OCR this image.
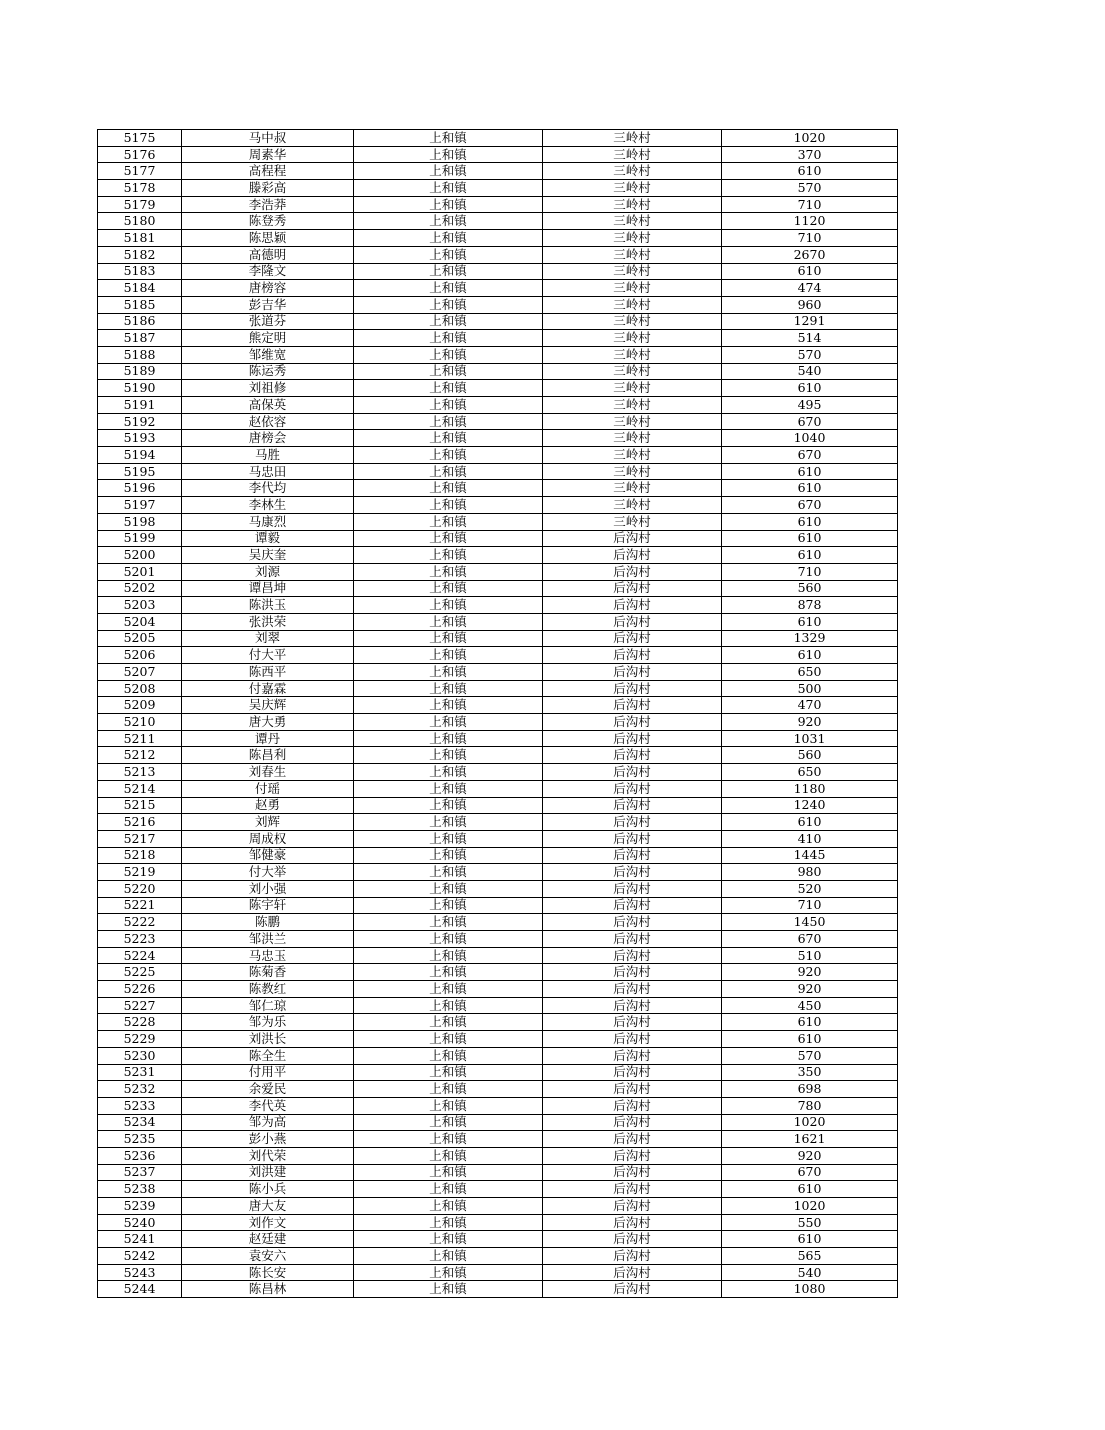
5175	马中叔	上和镇	三岭村	1020
5176	周素华	上和镇	三岭村	370
5177	高程程	上和镇	三岭村	610
5178	滕彩高	上和镇	三岭村	570
5179	李浩莽	上和镇	三岭村	710
5180	陈登秀	上和镇	三岭村	1120
5181	陈思颖	上和镇	三岭村	710
5182	高德明	上和镇	三岭村	2670
5183	李隆文	上和镇	三岭村	610
5184	唐榜容	上和镇	三岭村	474
5185	彭吉华	上和镇	三岭村	960
5186	张道芬	上和镇	三岭村	1291
5187	熊定明	上和镇	三岭村	514
5188	邹维宽	上和镇	三岭村	570
5189	陈运秀	上和镇	三岭村	540
5190	刘祖修	上和镇	三岭村	610
5191	高保英	上和镇	三岭村	495
5192	赵依容	上和镇	三岭村	670
5193	唐榜会	上和镇	三岭村	1040
5194	马胜	上和镇	三岭村	670
5195	马忠田	上和镇	三岭村	610
5196	李代均	上和镇	三岭村	610
5197	李林生	上和镇	三岭村	670
5198	马康烈	上和镇	三岭村	610
5199	谭毅	上和镇	后沟村	610
5200	吴庆奎	上和镇	后沟村	610
5201	刘源	上和镇	后沟村	710
5202	谭昌坤	上和镇	后沟村	560
5203	陈洪玉	上和镇	后沟村	878
5204	张洪荣	上和镇	后沟村	610
5205	刘翠	上和镇	后沟村	1329
5206	付大平	上和镇	后沟村	610
5207	陈西平	上和镇	后沟村	650
5208	付嘉霖	上和镇	后沟村	500
5209	吴庆辉	上和镇	后沟村	470
5210	唐大勇	上和镇	后沟村	920
5211	谭丹	上和镇	后沟村	1031
5212	陈昌利	上和镇	后沟村	560
5213	刘春生	上和镇	后沟村	650
5214	付瑶	上和镇	后沟村	1180
5215	赵勇	上和镇	后沟村	1240
5216	刘辉	上和镇	后沟村	610
5217	周成权	上和镇	后沟村	410
5218	邹健豪	上和镇	后沟村	1445
5219	付大举	上和镇	后沟村	980
5220	刘小强	上和镇	后沟村	520
5221	陈宇轩	上和镇	后沟村	710
5222	陈鹏	上和镇	后沟村	1450
5223	邹洪兰	上和镇	后沟村	670
5224	马忠玉	上和镇	后沟村	510
5225	陈菊香	上和镇	后沟村	920
5226	陈教红	上和镇	后沟村	920
5227	邹仁琼	上和镇	后沟村	450
5228	邹为乐	上和镇	后沟村	610
5229	刘洪长	上和镇	后沟村	610
5230	陈全生	上和镇	后沟村	570
5231	付用平	上和镇	后沟村	350
5232	余爱民	上和镇	后沟村	698
5233	李代英	上和镇	后沟村	780
5234	邹为高	上和镇	后沟村	1020
5235	彭小燕	上和镇	后沟村	1621
5236	刘代荣	上和镇	后沟村	920
5237	刘洪建	上和镇	后沟村	670
5238	陈小兵	上和镇	后沟村	610
5239	唐大友	上和镇	后沟村	1020
5240	刘作文	上和镇	后沟村	550
5241	赵廷建	上和镇	后沟村	610
5242	袁安六	上和镇	后沟村	565
5243	陈长安	上和镇	后沟村	540
5244	陈昌林	上和镇	后沟村	1080
